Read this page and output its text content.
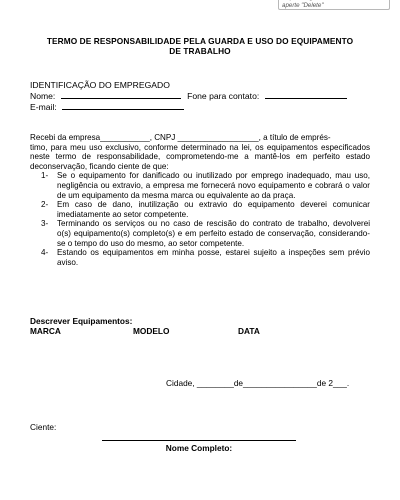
aperte "Delete"
TERMO DE RESPONSABILIDADE PELA GUARDA E USO DO EQUIPAMENTO
DE TRABALHO
IDENTIFICAÇÃO DO EMPREGADO
Nome:	Fone para contato:
E-mail:
Recebi da empresa___________, CNPJ __________________, a título de emprés-
timo, para meu uso exclusivo, conforme determinado na lei, os equipamentos especificados neste termo de responsabilidade, comprometendo-me a mantê-los em perfeito estado deconservação, ficando ciente de que:
1- Se o equipamento for danificado ou inutilizado por emprego inadequado, mau uso, negligência ou extravio, a empresa me fornecerá novo equipamento e cobrará o valor de um equipamento da mesma marca ou equivalente ao da praça.
2- Em caso de dano, inutilização ou extravio do equipamento deverei comunicar imediatamente ao setor competente.
3- Terminando os serviços ou no caso de rescisão do contrato de trabalho, devolverei o(s) equipamento(s) completo(s) e em perfeito estado de conservação, considerando-se o tempo do uso do mesmo, ao setor competente.
4- Estando os equipamentos em minha posse, estarei sujeito a inspeções sem prévio aviso.
Descrever Equipamentos:
MARCA	MODELO	DATA
Cidade, ________de________________de 2___.
Ciente:
Nome Completo:
